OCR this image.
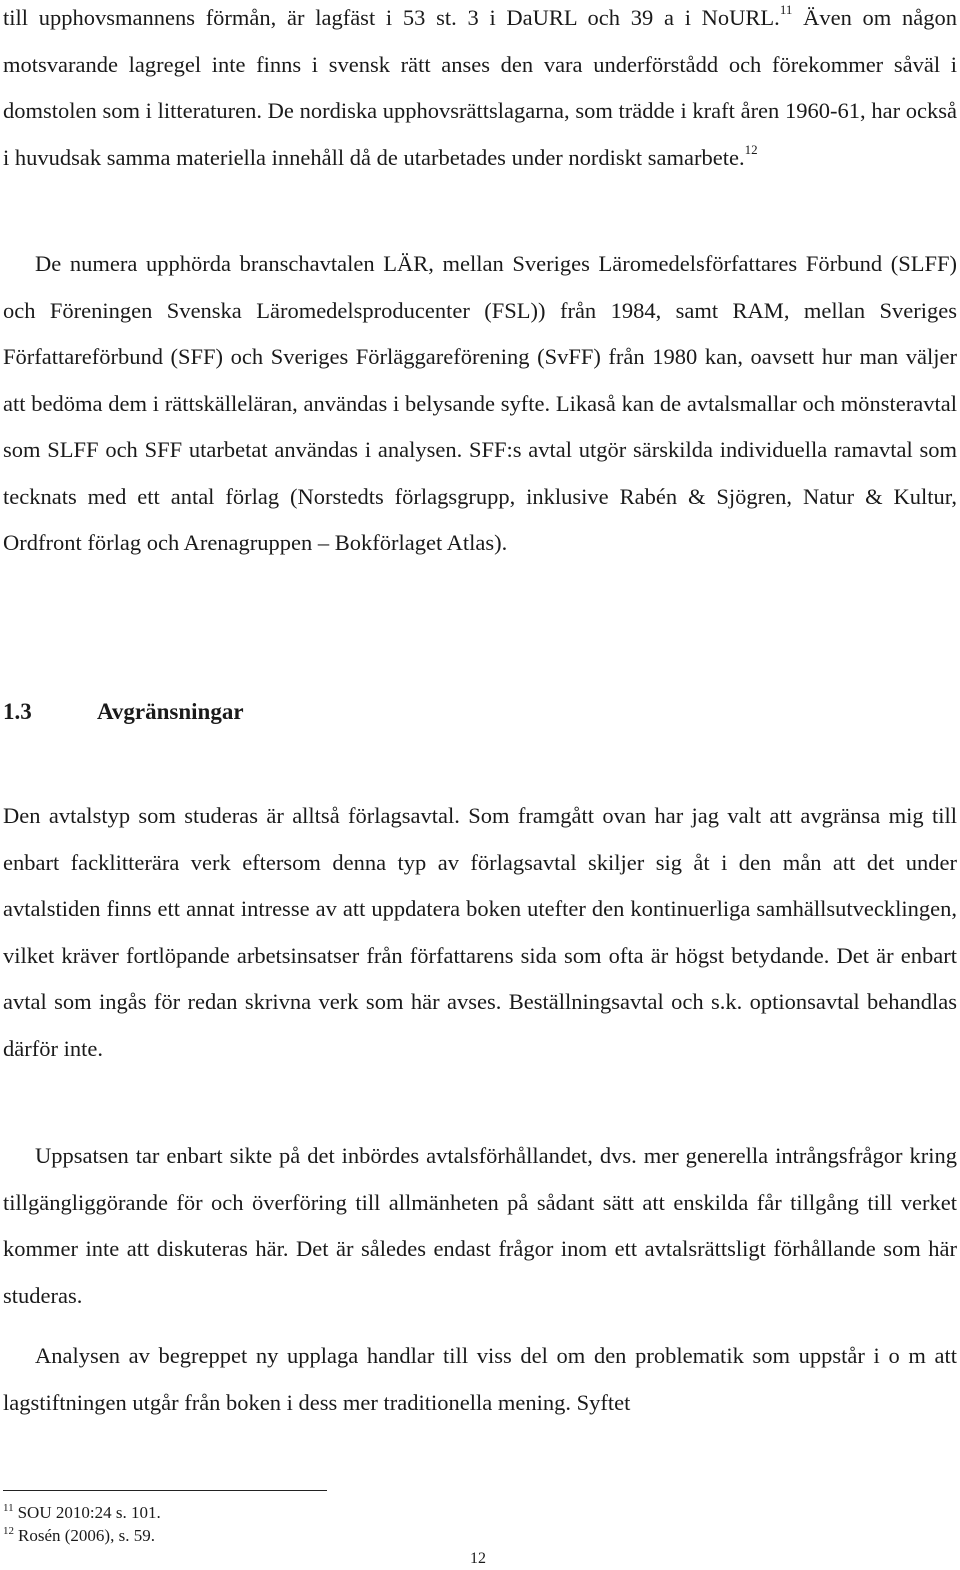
till upphovsmannens förmån, är lagfäst i 53 st. 3 i DaURL och 39 a i NoURL.$^{11}$ Även om någon motsvarande lagregel inte finns i svensk rätt anses den vara underförstådd och förekommer såväl i domstolen som i litteraturen. De nordiska upphovsrättslagarna, som trädde i kraft åren 1960-61, har också i huvudsak samma materiella innehåll då de utarbetades under nordiskt samarbete.$^{12}$

De numera upphörda branschavtalen LÄR, mellan Sveriges Läromedelsförfattares Förbund (SLFF) och Föreningen Svenska Läromedelsproducenter (FSL)) från 1984, samt RAM, mellan Sveriges Författareförbund (SFF) och Sveriges Förläggareförening (SvFF) från 1980 kan, oavsett hur man väljer att bedöma dem i rättskälleläran, användas i belysande syfte. Likaså kan de avtalsmallar och mönsteravtal som SLFF och SFF utarbetat användas i analysen. SFF:s avtal utgör särskilda individuella ramavtal som tecknats med ett antal förlag (Norstedts förlagsgrupp, inklusive Rabén & Sjögren, Natur & Kultur, Ordfront förlag och Arenagruppen – Bokförlaget Atlas).

1.3	Avgränsningar

Den avtalstyp som studeras är alltså förlagsavtal. Som framgått ovan har jag valt att avgränsa mig till enbart facklitterära verk eftersom denna typ av förlagsavtal skiljer sig åt i den mån att det under avtalstiden finns ett annat intresse av att uppdatera boken utefter den kontinuerliga samhällsutvecklingen, vilket kräver fortlöpande arbetsinsatser från författarens sida som ofta är högst betydande. Det är enbart avtal som ingås för redan skrivna verk som här avses. Beställningsavtal och s.k. optionsavtal behandlas därför inte.

Uppsatsen tar enbart sikte på det inbördes avtalsförhållandet, dvs. mer generella intrångsfrågor kring tillgängliggörande för och överföring till allmänheten på sådant sätt att enskilda får tillgång till verket kommer inte att diskuteras här. Det är således endast frågor inom ett avtalsrättsligt förhållande som här studeras.

Analysen av begreppet ny upplaga handlar till viss del om den problematik som uppstår i o m att lagstiftningen utgår från boken i dess mer traditionella mening. Syftet

$^{11}$ SOU 2010:24 s. 101.
$^{12}$ Rosén (2006), s. 59.
12
